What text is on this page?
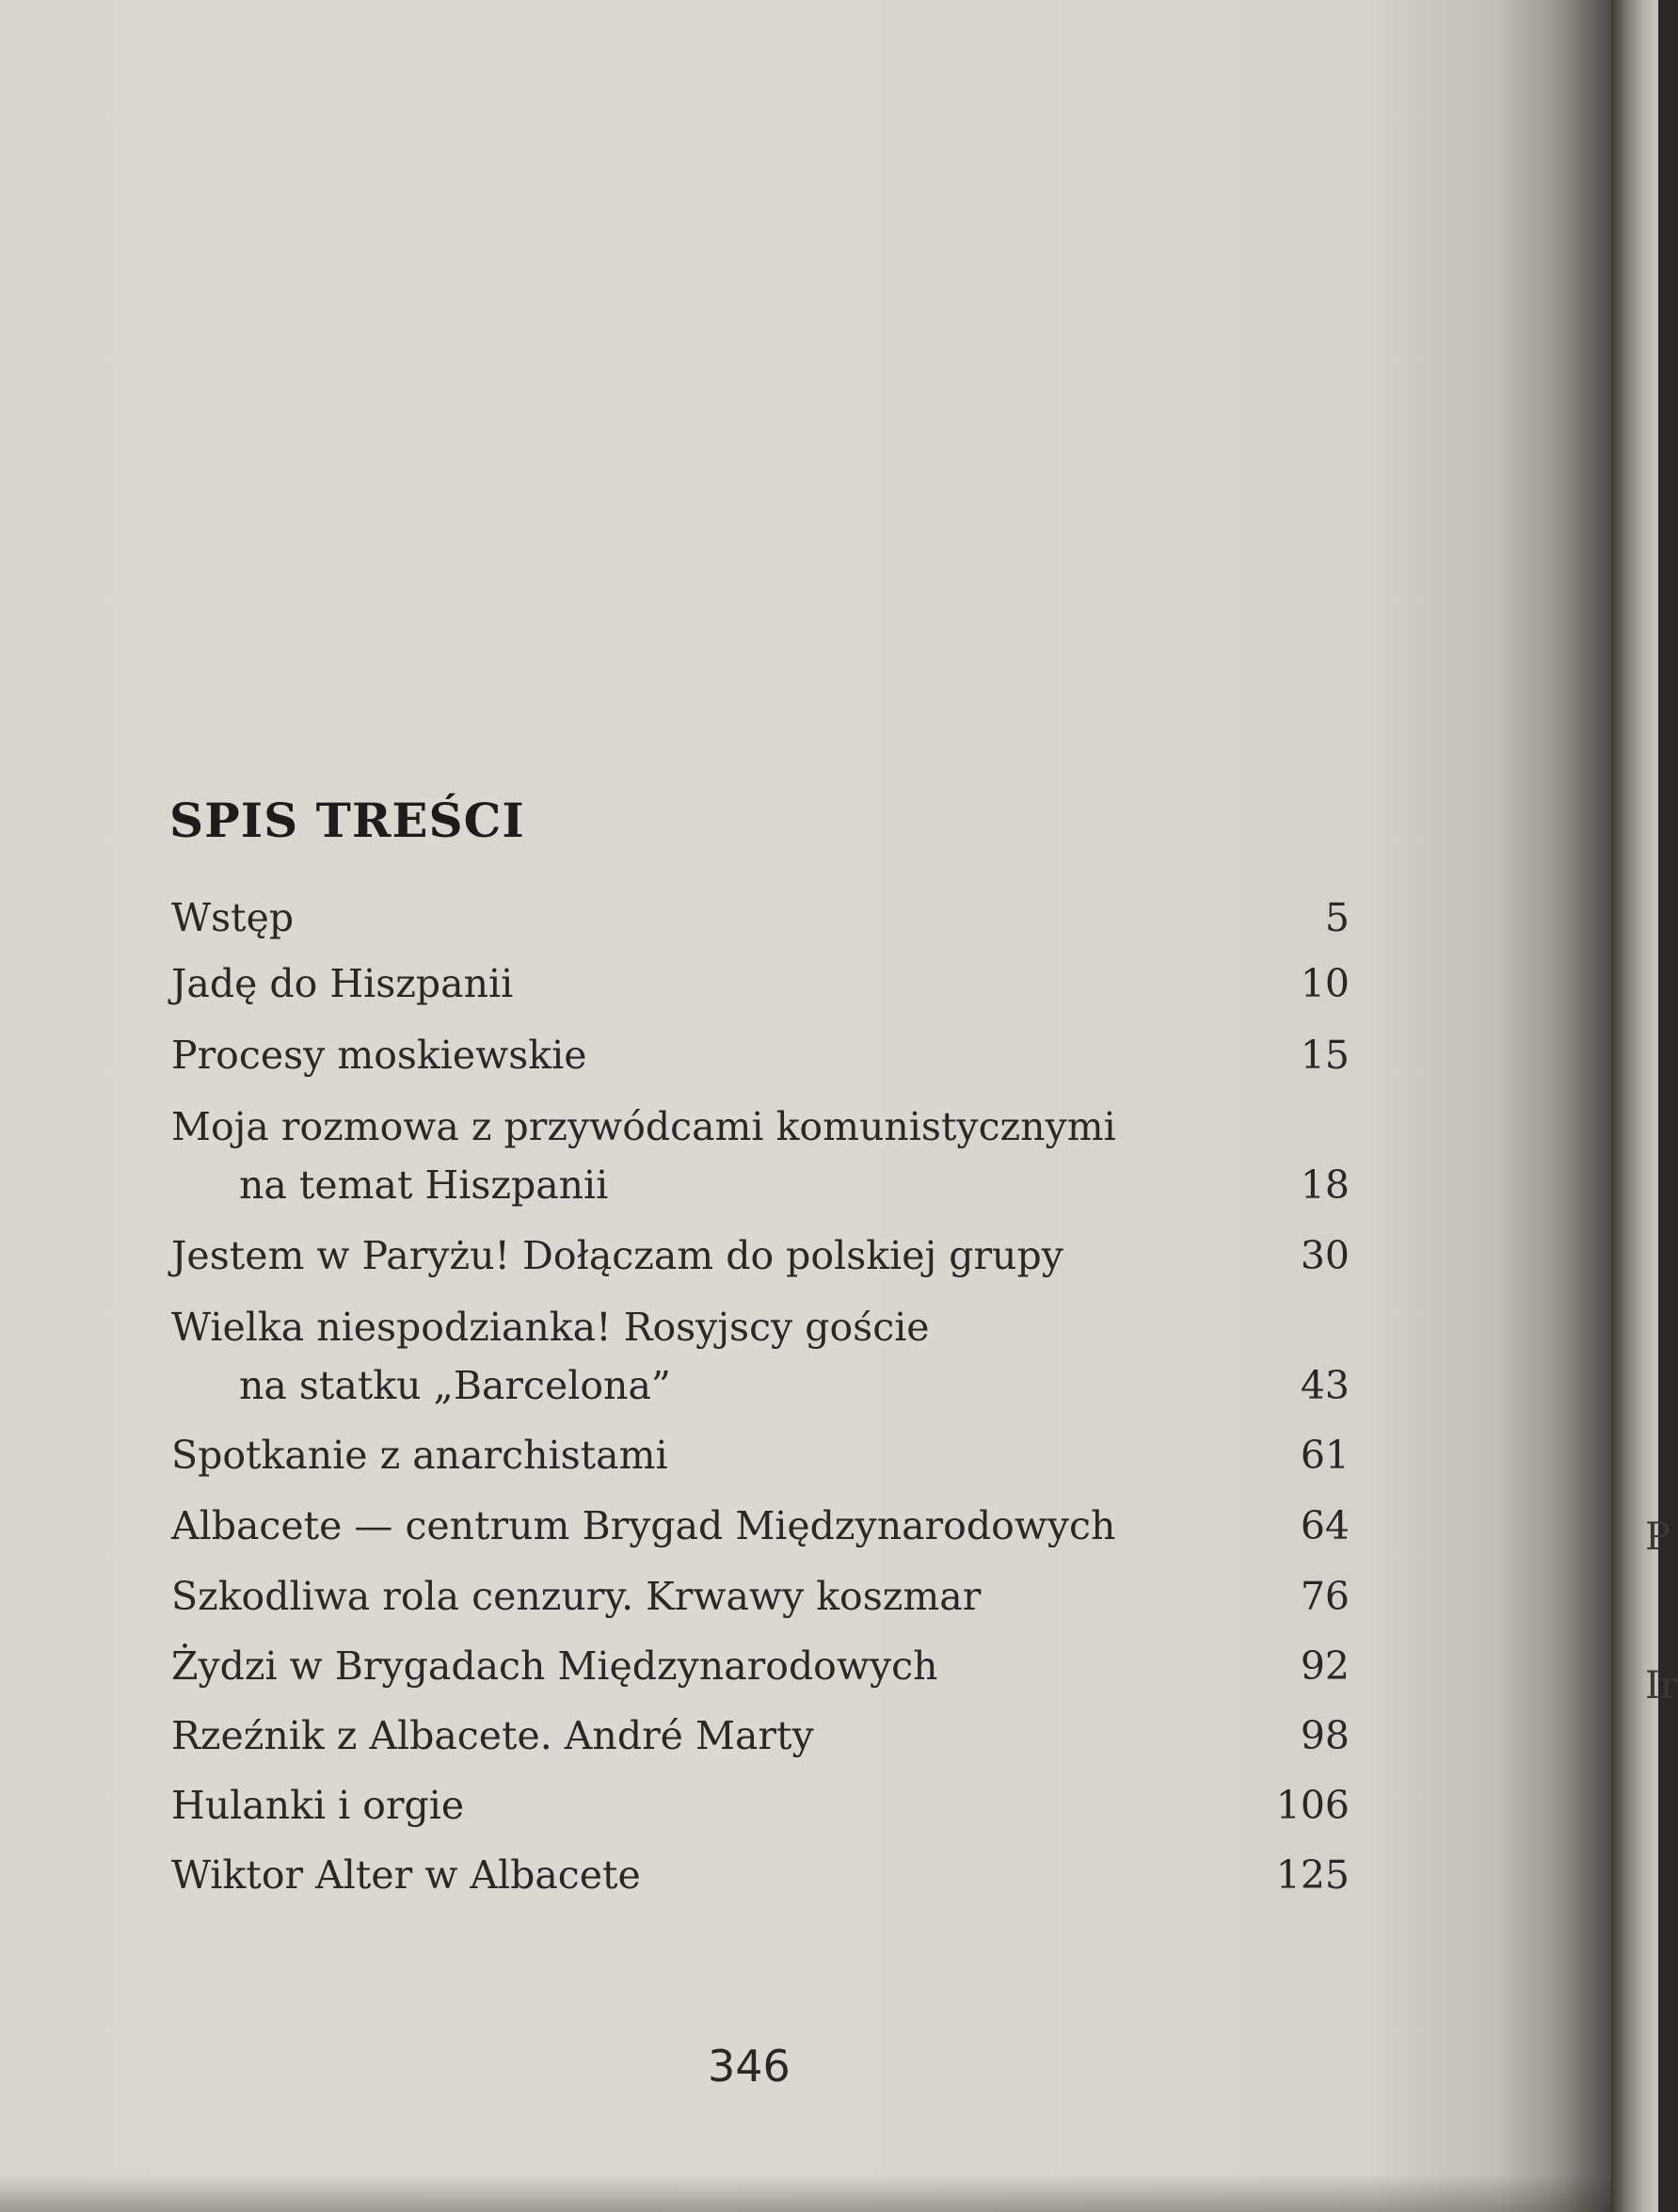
P
Ir
SPIS TREŚCI
Wstęp	5
Jadę do Hiszpanii	10
Procesy moskiewskie	15
Moja rozmowa z przywódcami komunistycznymi
na temat Hiszpanii	18
Jestem w Paryżu! Dołączam do polskiej grupy	30
Wielka niespodzianka! Rosyjscy goście
na statku „Barcelona”	43
Spotkanie z anarchistami	61
Albacete — centrum Brygad Międzynarodowych	64
Szkodliwa rola cenzury. Krwawy koszmar	76
Żydzi w Brygadach Międzynarodowych	92
Rzeźnik z Albacete. André Marty	98
Hulanki i orgie	106
Wiktor Alter w Albacete	125
346
